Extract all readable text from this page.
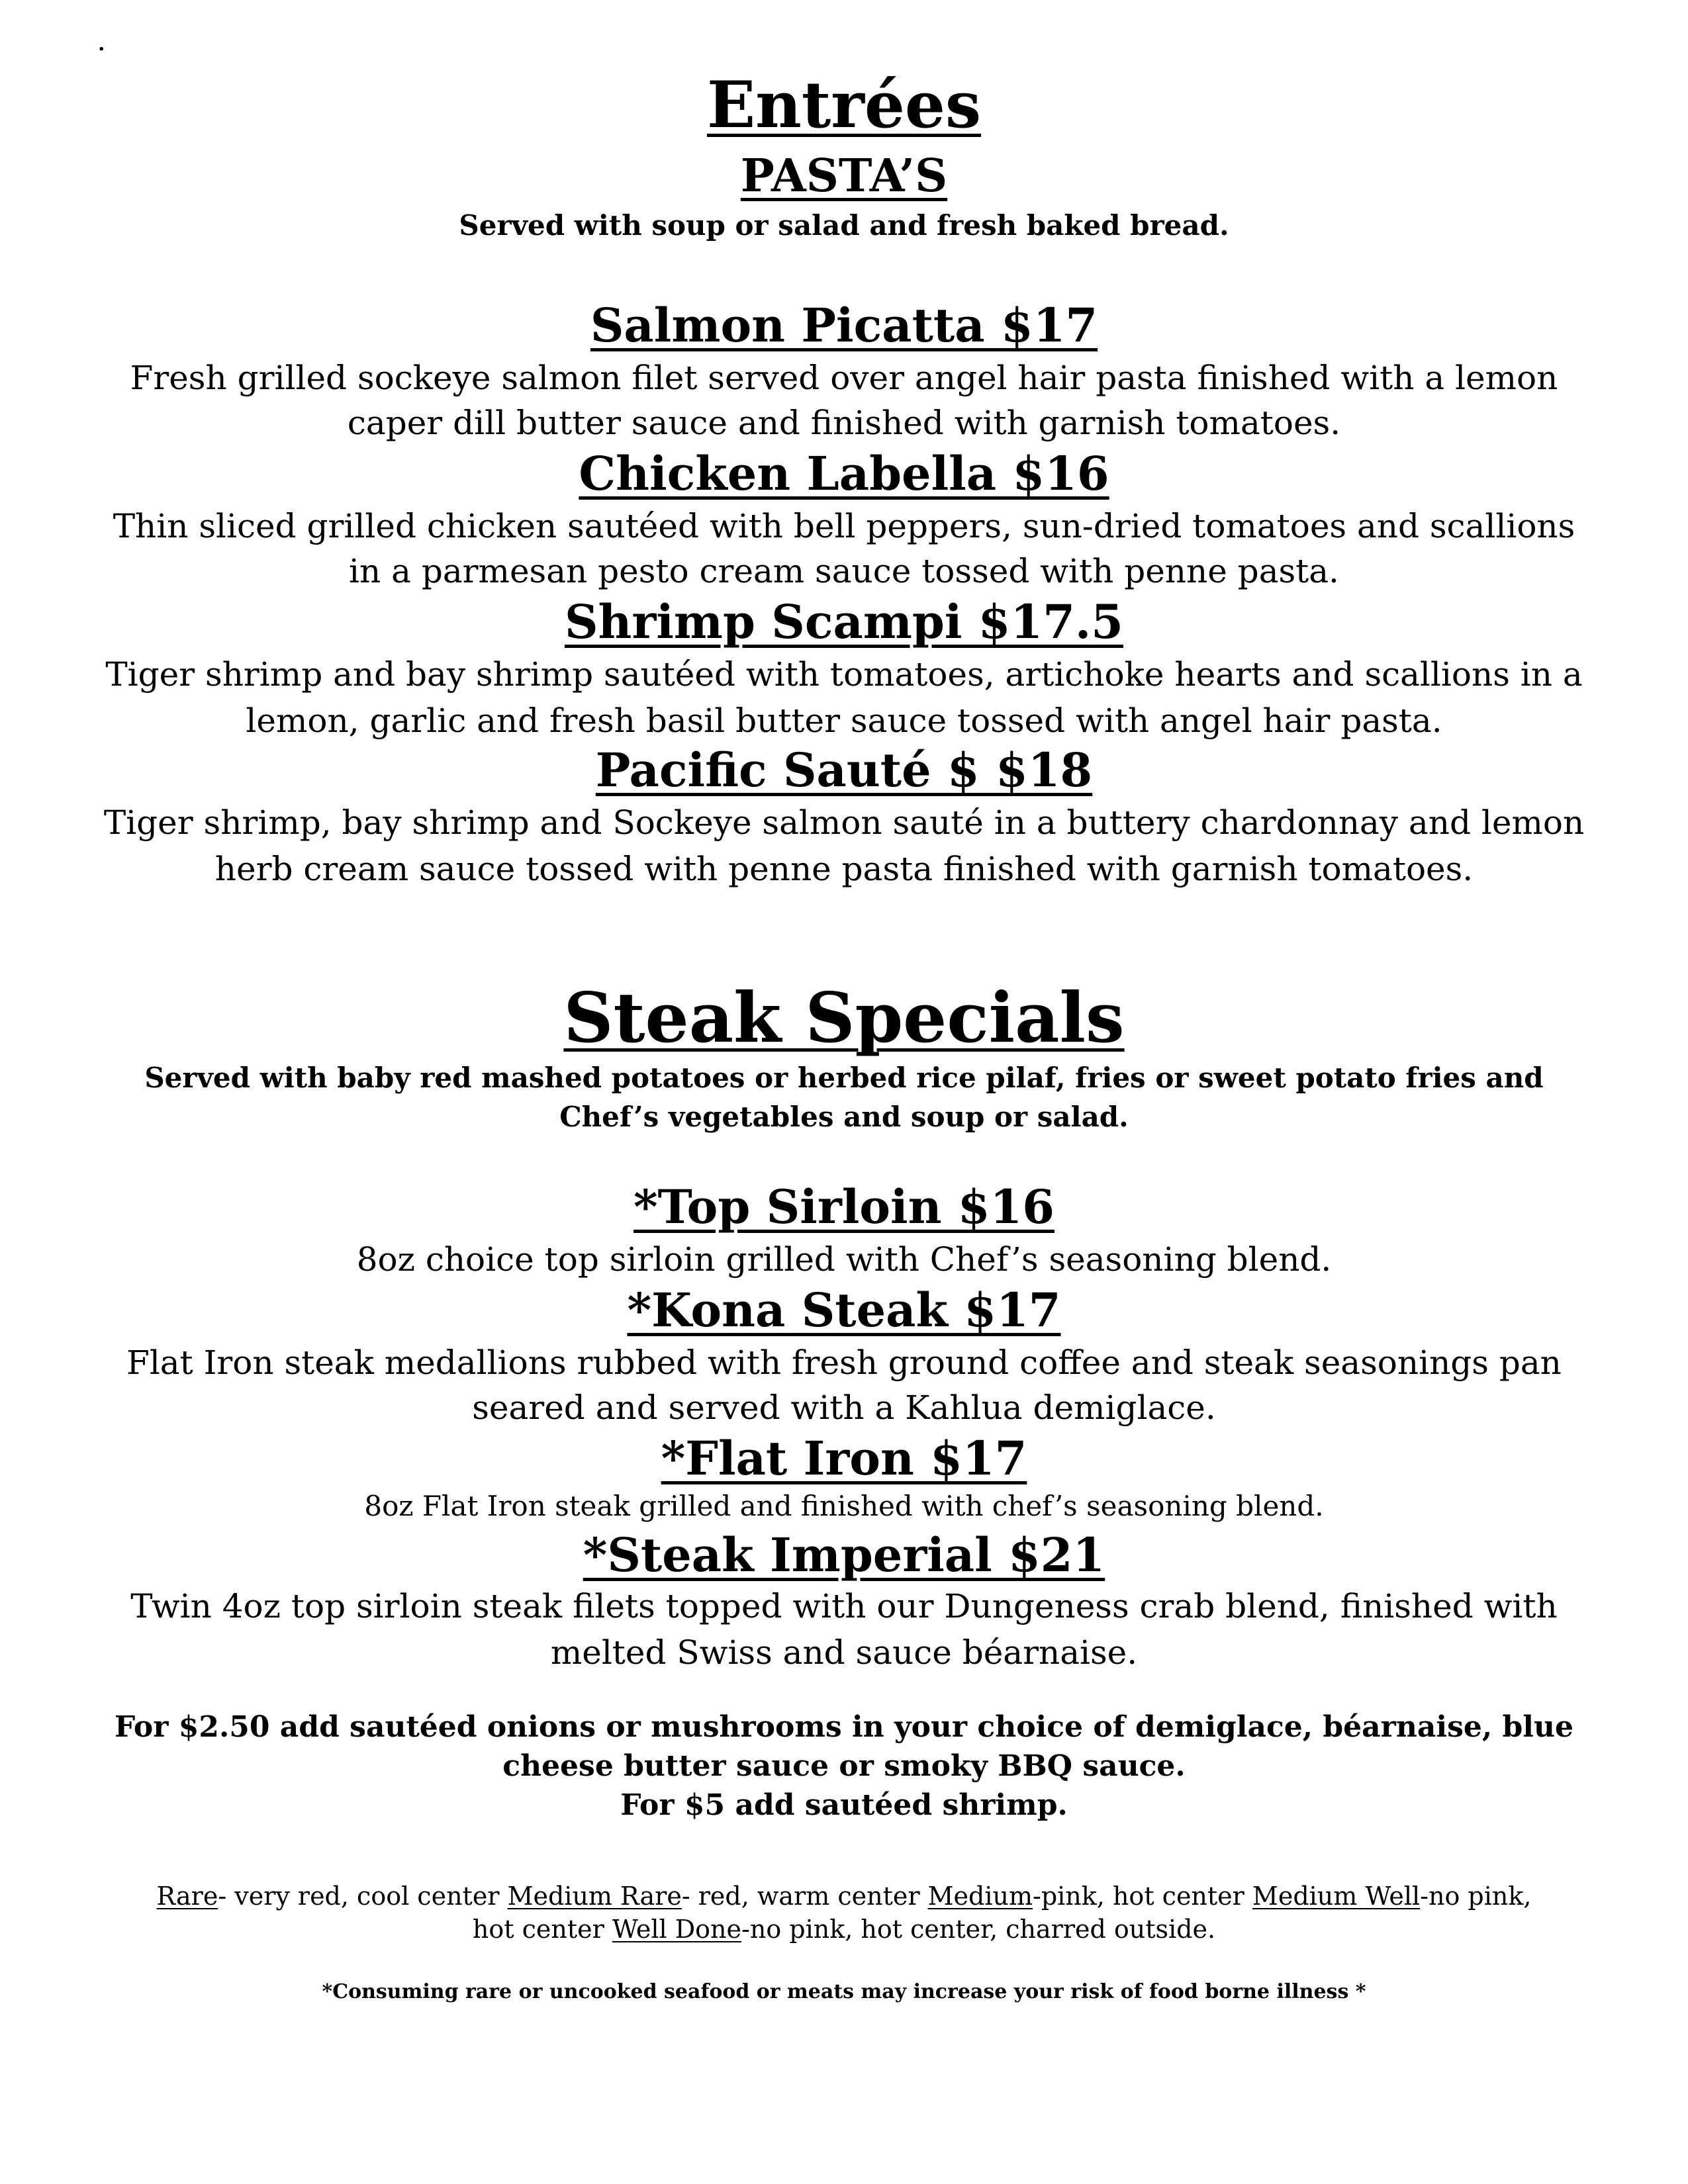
.
Entrées
PASTA’S
Served with soup or salad and fresh baked bread.
Salmon Picatta $17
Fresh grilled sockeye salmon filet served over angel hair pasta finished with a lemon
caper dill butter sauce and finished with garnish tomatoes.
Chicken Labella $16
Thin sliced grilled chicken sautéed with bell peppers, sun-dried tomatoes and scallions
in a parmesan pesto cream sauce tossed with penne pasta.
Shrimp Scampi $17.5
Tiger shrimp and bay shrimp sautéed with tomatoes, artichoke hearts and scallions in a
lemon, garlic and fresh basil butter sauce tossed with angel hair pasta.
Pacific Sauté $ $18
Tiger shrimp, bay shrimp and Sockeye salmon sauté in a buttery chardonnay and lemon
herb cream sauce tossed with penne pasta finished with garnish tomatoes.
Steak Specials
Served with baby red mashed potatoes or herbed rice pilaf, fries or sweet potato fries and
Chef’s vegetables and soup or salad.
*Top Sirloin $16
8oz choice top sirloin grilled with Chef’s seasoning blend.
*Kona Steak $17
Flat Iron steak medallions rubbed with fresh ground coffee and steak seasonings pan
seared and served with a Kahlua demiglace.
*Flat Iron $17
8oz Flat Iron steak grilled and finished with chef’s seasoning blend.
*Steak Imperial $21
Twin 4oz top sirloin steak filets topped with our Dungeness crab blend, finished with
melted Swiss and sauce béarnaise.
For $2.50 add sautéed onions or mushrooms in your choice of demiglace, béarnaise, blue
cheese butter sauce or smoky BBQ sauce.
For $5 add sautéed shrimp.
Rare- very red, cool center Medium Rare- red, warm center Medium-pink, hot center Medium Well-no pink,
hot center Well Done-no pink, hot center, charred outside.
*Consuming rare or uncooked seafood or meats may increase your risk of food borne illness *
